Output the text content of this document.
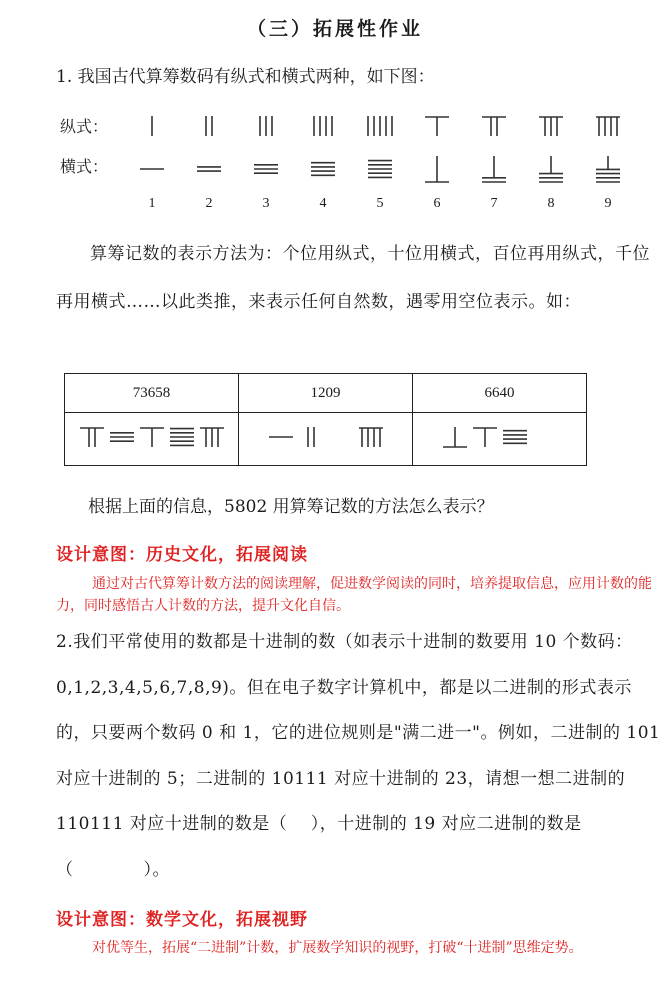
（三）拓展性作业
1. 我国古代算筹数码有纵式和横式两种，如下图：
纵式：
横式：
1	2	3	4	5	6	7	8	9
算筹记数的表示方法为：个位用纵式，十位用横式，百位再用纵式，千位再用横式……以此类推，来表示任何自然数，遇零用空位表示。如：
73658	1209	6640

根据上面的信息，5802 用算筹记数的方法怎么表示？
设计意图：历史文化，拓展阅读
通过对古代算筹计数方法的阅读理解，促进数学阅读的同时，培养提取信息，应用计数的能力，同时感悟古人计数的方法，提升文化自信。
2.我们平常使用的数都是十进制的数（如表示十进制的数要用 10 个数码：0,1,2,3,4,5,6,7,8,9)。但在电子数字计算机中，都是以二进制的形式表示的，只要两个数码 0 和 1，它的进位规则是"满二进一"。例如，二进制的 101 对应十进制的 5；二进制的 10111 对应十进制的 23，请想一想二进制的 110111 对应十进制的数是（　 ），十进制的 19 对应二进制的数是（　　　　）。
设计意图：数学文化，拓展视野
对优等生，拓展“二进制”计数，扩展数学知识的视野，打破“十进制”思维定势。
